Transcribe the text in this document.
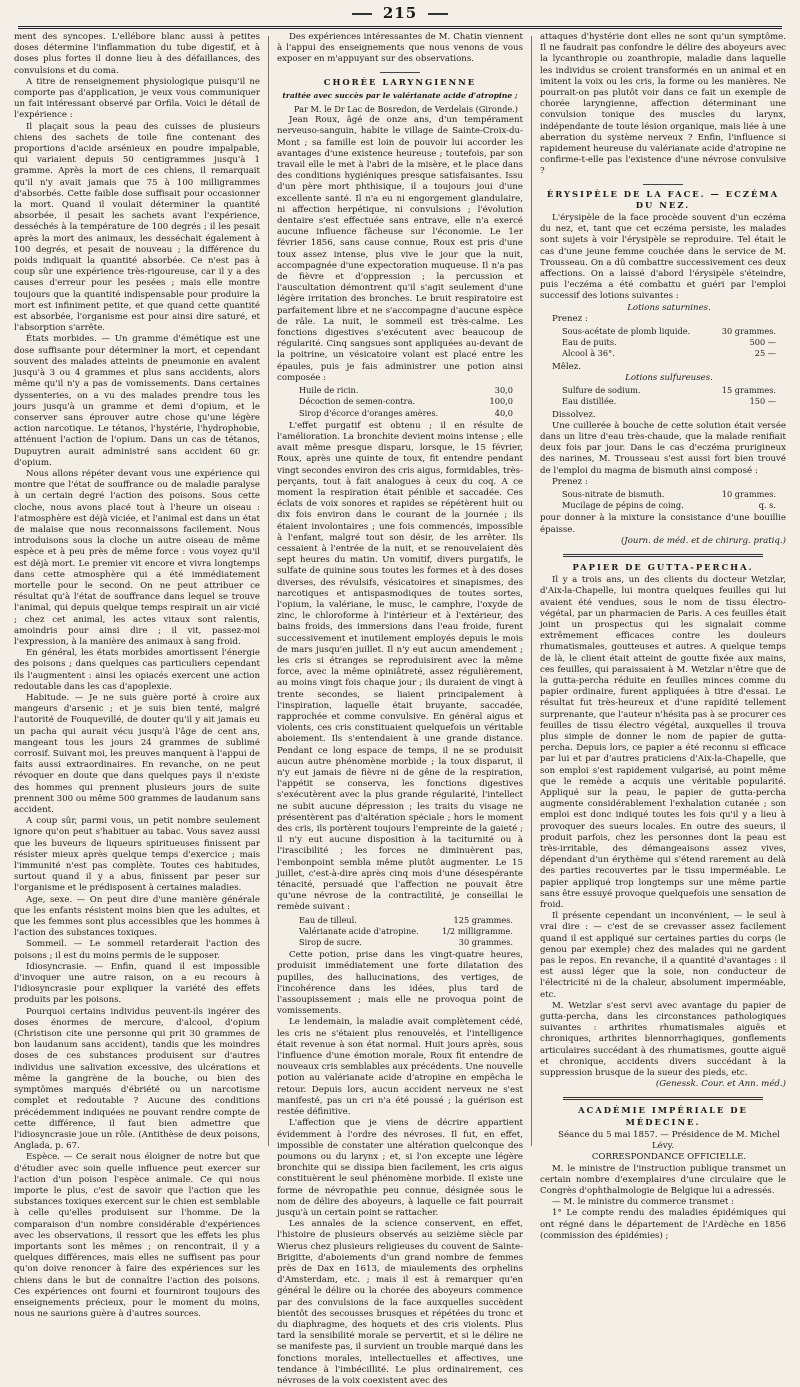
215

ment des syncopes. L'ellébore blanc aussi à petites doses détermine l'inflammation du tube digestif, et à doses plus fortes il donne lieu à des défaillances, des convulsions et du coma.

A titre de renseignement physiologique puisqu'il ne comporte pas d'application, je veux vous communiquer un fait intéressant observé par Orfila. Voici le détail de l'expérience :

Il plaçait sous la peau des cuisses de plusieurs chiens des sachets de toile fine contenant des proportions d'acide arsénieux en poudre impalpable, qui variaient depuis 50 centigrammes jusqu'à 1 gramme. Après la mort de ces chiens, il remarquait qu'il n'y avait jamais que 75 à 100 milligrammes d'absorbés. Cette faible dose suffisait pour occasionner la mort. Quand il voulait déterminer la quantité absorbée, il pesait les sachets avant l'expérience, desséchés à la température de 100 degrés ; il les pesait après la mort des animaux, les desséchait également à 100 degrés, et pesait de nouveau ; la différence du poids indiquait la quantité absorbée. Ce n'est pas à coup sûr une expérience très-rigoureuse, car il y a des causes d'erreur pour les pesées ; mais elle montre toujours que la quantité indispensable pour produire la mort est infiniment petite, et que quand cette quantité est absorbée, l'organisme est pour ainsi dire saturé, et l'absorption s'arrête.

États morbides. — Un gramme d'émétique est une dose suffisante pour déterminer la mort, et cependant souvent des malades atteints de pneumonie en avalent jusqu'à 3 ou 4 grammes et plus sans accidents, alors même qu'il n'y a pas de vomissements. Dans certaines dyssenteries, on a vu des malades prendre tous les jours jusqu'à un gramme et demi d'opium, et le conserver sans éprouver autre chose qu'une légère action narcotique. Le tétanos, l'hystérie, l'hydrophobie, atténuent l'action de l'opium. Dans un cas de tétanos, Dupuytren aurait administré sans accident 60 gr. d'opium.

Nous allons répéter devant vous une expérience qui montre que l'état de souffrance ou de maladie paralyse à un certain degré l'action des poisons. Sous cette cloche, nous avons placé tout à l'heure un oiseau : l'atmosphère est déjà viciée, et l'animal est dans un état de malaise que nous reconnaissons facilement. Nous introduisons sous la cloche un autre oiseau de même espèce et à peu près de même force : vous voyez qu'il est déjà mort. Le premier vit encore et vivra longtemps dans cette atmosphère qui a été immédiatement mortelle pour le second. On ne peut attribuer ce résultat qu'à l'état de souffrance dans lequel se trouve l'animal, qui depuis quelque temps respirait un air vicié ; chez cet animal, les actes vitaux sont ralentis, amoindris pour ainsi dire ; il vit, passez-moi l'expression, à la manière des animaux à sang froid.

En général, les états morbides amortissent l'énergie des poisons ; dans quelques cas particuliers cependant ils l'augmentent : ainsi les opiacés exercent une action redoutable dans les cas d'apoplexie.

Habitude. — Je ne suis guère porté à croire aux mangeurs d'arsenic ; et je suis bien tenté, malgré l'autorité de Fouquevillé, de douter qu'il y ait jamais eu un pacha qui aurait vécu jusqu'à l'âge de cent ans, mangeant tous les jours 24 grammes de sublimé corrosif. Suivant moi, les preuves manquent à l'appui de faits aussi extraordinaires. En revanche, on ne peut révoquer en doute que dans quelques pays il n'existe des hommes qui prennent plusieurs jours de suite prennent 300 ou même 500 grammes de laudanum sans accident.

A coup sûr, parmi vous, un petit nombre seulement ignore qu'on peut s'habituer au tabac. Vous savez aussi que les buveurs de liqueurs spiritueuses finissent par résister mieux après quelque temps d'exercice ; mais l'immunité n'est pas complète. Toutes ces habitudes, surtout quand il y a abus, finissent par peser sur l'organisme et le prédisposent à certaines maladies.

Age, sexe. — On peut dire d'une manière générale que les enfants résistent moins bien que les adultes, et que les femmes sont plus accessibles que les hommes à l'action des substances toxiques.

Sommeil. — Le sommeil retarderait l'action des poisons ; il est du moins permis de le supposer.

Idiosyncrasie. — Enfin, quand il est impossible d'invoquer une autre raison, on a eu recours à l'idiosyncrasie pour expliquer la variété des effets produits par les poisons.

Pourquoi certains individus peuvent-ils ingérer des doses énormes de mercure, d'alcool, d'opium (Christison cite une personne qui prit 30 grammes de bon laudanum sans accident), tandis que les moindres doses de ces substances produisent sur d'autres individus une salivation excessive, des ulcérations et même la gangrène de la bouche, ou bien des symptômes marqués d'ébriété ou un narcotisme complet et redoutable ? Aucune des conditions précédemment indiquées ne pouvant rendre compte de cette différence, il faut bien admettre que l'idiosyncrasie joue un rôle. (Antithèse de deux poisons, Anglada, p. 67.

Espèce. — Ce serait nous éloigner de notre but que d'étudier avec soin quelle influence peut exercer sur l'action d'un poison l'espèce animale. Ce qui nous importe le plus, c'est de savoir que l'action que les substances toxiques exercent sur le chien est semblable à celle qu'elles produisent sur l'homme. De la comparaison d'un nombre considérable d'expériences avec les observations, il ressort que les effets les plus importants sont les mêmes ; on rencontrait, il y a quelques différences, mais elles ne suffisent pas pour qu'on doive renoncer à faire des expériences sur les chiens dans le but de connaître l'action des poisons. Ces expériences ont fourni et fourniront toujours des enseignements précieux, pour le moment du moins, nous ne saurions guère à d'autres sources.

Des expériences intéressantes de M. Chatin viennent à l'appui des enseignements que nous venons de vous exposer en m'appuyant sur des observations.

CHORÉE LARYNGIENNE
traitée avec succès par le valérianate acide d'atropine ;

Par M. le Dr Lac de Bosredon, de Verdelais (Gironde.)

Jean Roux, âgé de onze ans, d'un tempérament nerveuso-sanguin, habite le village de Sainte-Croix-du-Mont ; sa famille est loin de pouvoir lui accorder les avantages d'une existence heureuse ; toutefois, par son travail elle le met à l'abri de la misère, et le place dans des conditions hygiéniques presque satisfaisantes. Issu d'un père mort phthisique, il a toujours joui d'une excellente santé. Il n'a eu ni engorgement glandulaire, ni affection herpétique, ni convulsions ; l'évolution dentaire s'est effectuée sans entrave, elle n'a exercé aucune influence fâcheuse sur l'économie. Le 1er février 1856, sans cause connue, Roux est pris d'une toux assez intense, plus vive le jour que la nuit, accompagnée d'une expectoration muqueuse. Il n'a pas de fièvre et d'oppression ; la percussion et l'auscultation démontrent qu'il s'agit seulement d'une légère irritation des bronches. Le bruit respiratoire est parfaitement libre et ne s'accompagne d'aucune espèce de râle. La nuit, le sommeil est très-calme. Les fonctions digestives s'exécutent avec beaucoup de régularité. Cinq sangsues sont appliquées au-devant de la poitrine, un vésicatoire volant est placé entre les épaules, puis je fais administrer une potion ainsi composée :

Huile de ricin.	30,0
Décoction de semen-contra.	100,0
Sirop d'écorce d'oranges amères.	40,0

L'effet purgatif est obtenu ; il en résulte de l'amélioration. La bronchite devient moins intense ; elle avait même presque disparu, lorsque, le 15 février, Roux, après une quinte de toux, fit entendre pendant vingt secondes environ des cris aigus, formidables, très-perçants, tout à fait analogues à ceux du coq. A ce moment la respiration était pénible et saccadée. Ces éclats de voix sonores et rapides se répétèrent huit ou dix fois environ dans le courant de la journée ; ils étaient involontaires ; une fois commencés, impossible à l'enfant, malgré tout son désir, de les arrêter. Ils cessaient à l'entrée de la nuit, et se renouvelaient dès sept heures du matin. Un vomitif, divers purgatifs, le sulfate de quinine sous toutes les formes et à des doses diverses, des révulsifs, vésicatoires et sinapismes, des narcotiques et antispasmodiques de toutes sortes, l'opium, la valériane, le musc, le camphre, l'oxyde de zinc, le chloroforme à l'intérieur et à l'extérieur, des bains froids, des immersions dans l'eau froide, furent successivement et inutilement employés depuis le mois de mars jusqu'en juillet. Il n'y eut aucun amendement ; les cris si étranges se reproduisirent avec la même force, avec la même opiniâtreté, assez régulièrement, au moins vingt fois chaque jour ; ils duraient de vingt à trente secondes, se liaient principalement à l'inspiration, laquelle était bruyante, saccadée, rapprochée et comme convulsive. En général aigus et violents, ces cris constituaient quelquefois un véritable aboiement. Ils s'entendaient à une grande distance. Pendant ce long espace de temps, il ne se produisit aucun autre phénomène morbide ; la toux disparut, il n'y eut jamais de fièvre ni de gêne de la respiration, l'appétit se conserva, les fonctions digestives s'exécutèrent avec la plus grande régularité, l'intellect ne subit aucune dépression ; les traits du visage ne présentèrent pas d'altération spéciale ; hors le moment des cris, ils portèrent toujours l'empreinte de la gaieté ; il n'y eut aucune disposition à la taciturnité ou à l'irascibilité ; les forces ne diminuèrent pas, l'embonpoint sembla même plutôt augmenter. Le 15 juillet, c'est-à-dire après cinq mois d'une désespérante ténacité, persuadé que l'affection ne pouvait être qu'une névrose de la contractilité, je conseillai le remède suivant :

Eau de tilleul.	125 grammes.
Valérianate acide d'atropine.	1/2 milligramme.
Sirop de sucre.	30 grammes.

Cette potion, prise dans les vingt-quatre heures, produisit immédiatement une forte dilatation des pupilles, des hallucinations, des vertiges, de l'incohérence dans les idées, plus tard de l'assoupissement ; mais elle ne provoqua point de vomissements.

Le lendemain, la maladie avait complètement cédé, les cris ne s'étaient plus renouvelés, et l'intelligence était revenue à son état normal. Huit jours après, sous l'influence d'une émotion morale, Roux fit entendre de nouveaux cris semblables aux précédents. Une nouvelle potion au valérianate acide d'atropine en empêcha le retour. Depuis lors, aucun accident nerveux ne s'est manifesté, pas un cri n'a été poussé ; la guérison est restée définitive.

L'affection que je viens de décrire appartient évidemment à l'ordre des névroses. Il fut, en effet, impossible de constater une altération quelconque des poumons ou du larynx ; et, si l'on excepte une légère bronchite qui se dissipa bien facilement, les cris aigus constituèrent le seul phénomène morbide. Il existe une forme de névropathie peu connue, désignée sous le nom de délire des aboyeurs, à laquelle ce fait pourrait jusqu'à un certain point se rattacher.

Les annales de la science conservent, en effet, l'histoire de plusieurs observés au seizième siècle par Wierus chez plusieurs religieuses du couvent de Sainte-Brigitte, d'aboiements d'un grand nombre de femmes près de Dax en 1613, de miaulements des orphelins d'Amsterdam, etc. ; mais il est à remarquer qu'en général le délire ou la chorée des aboyeurs commence par des convulsions de la face auxquelles succèdent bientôt des secousses brusques et répétées du tronc et du diaphragme, des hoquets et des cris violents. Plus tard la sensibilité morale se pervertit, et si le délire ne se manifeste pas, il survient un trouble marqué dans les fonctions morales, intellectuelles et affectives, une tendance à l'imbécillité. Le plus ordinairement, ces névroses de la voix coexistent avec des

attaques d'hystérie dont elles ne sont qu'un symptôme. Il ne faudrait pas confondre le délire des aboyeurs avec la lycanthropie ou zoanthropie, maladie dans laquelle les individus se croient transformés en un animal et en imitent la voix ou les cris, la forme ou les manières. Ne pourrait-on pas plutôt voir dans ce fait un exemple de chorée laryngienne, affection déterminant une convulsion tonique des muscles du larynx, indépendante de toute lésion organique, mais liée à une aberration du système nerveux ? Enfin, l'influence si rapidement heureuse du valérianate acide d'atropine ne confirme-t-elle pas l'existence d'une névrose convulsive ?

ÉRYSIPÈLE DE LA FACE. — ECZÉMA DU NEZ.

L'érysipèle de la face procède souvent d'un eczéma du nez, et, tant que cet eczéma persiste, les malades sont sujets à voir l'érysipèle se reproduire. Tel était le cas d'une jeune femme couchée dans le service de M. Trousseau. On a dû combattre successivement ces deux affections. On a laissé d'abord l'érysipèle s'éteindre, puis l'eczéma a été combattu et guéri par l'emploi successif des lotions suivantes :

Lotions saturnines.

Prenez :

Sous-acétate de plomb liquide.	30 grammes.
Eau de puits.	500 —
Alcool à 36°.	25 —

Mêlez.

Lotions sulfureuses.

Sulfure de sodium.	15 grammes.
Eau distillée.	150 —

Dissolvez.

Une cuillerée à bouche de cette solution était versée dans un litre d'eau très-chaude, que la malade renifiait deux fois par jour. Dans le cas d'eczéma prurigineux des narines, M. Trousseau s'est aussi fort bien trouvé de l'emploi du magma de bismuth ainsi composé :

Prenez :

Sous-nitrate de bismuth.	10 grammes.
Mucilage de pépins de coing.	q. s.

pour donner à la mixture la consistance d'une bouillie épaisse.

(Journ. de méd. et de chirurg. pratiq.)

PAPIER DE GUTTA-PERCHA.

Il y a trois ans, un des clients du docteur Wetzlar, d'Aix-la-Chapelle, lui montra quelques feuilles qui lui avaient été vendues, sous le nom de tissu électro-végétal, par un pharmacien de Paris. A ces feuilles était joint un prospectus qui les signalait comme extrêmement efficaces contre les douleurs rhumatismales, goutteuses et autres. A quelque temps de là, le client était atteint de goutte fixée aux mains, ces feuilles, qui paraissaient à M. Wetzlar n'être que de la gutta-percha réduite en feuilles minces comme du papier ordinaire, furent appliquées à titre d'essai. Le résultat fut très-heureux et d'une rapidité tellement surprenante, que l'auteur n'hésita pas à se procurer ces feuilles de tissu électro végétal, auxquelles il trouva plus simple de donner le nom de papier de gutta-percha. Depuis lors, ce papier a été reconnu si efficace par lui et par d'autres praticiens d'Aix-la-Chapelle, que son emploi s'est rapidement vulgarisé, au point même que le remède a acquis une véritable popularité. Appliqué sur la peau, le papier de gutta-percha augmente considérablement l'exhalation cutanée ; son emploi est donc indiqué toutes les fois qu'il y a lieu à provoquer des sueurs locales. En outre des sueurs, il produit parfois, chez les personnes dont la peau est très-irritable, des démangeaisons assez vives, dépendant d'un érythème qui s'étend rarement au delà des parties recouvertes par le tissu imperméable. Le papier appliqué trop longtemps sur une même partie sans être essuyé provoque quelquefois une sensation de froid.

Il présente cependant un inconvénient, — le seul à vrai dire : — c'est de se crevasser assez facilement quand il est appliqué sur certaines parties du corps (le genou par exemple) chez des malades qui ne gardent pas le repos. En revanche, il a quantité d'avantages : il est aussi léger que la soie, non conducteur de l'électricité ni de la chaleur, absolument imperméable, etc.

M. Wetzlar s'est servi avec avantage du papier de gutta-percha, dans les circonstances pathologiques suivantes : arthrites rhumatismales aiguës et chroniques, arthrites blennorrhagiques, gonflements articulaires succédant à des rhumatismes, goutte aiguë et chronique, accidents divers succédant à la suppression brusque de la sueur des pieds, etc.

(Genessk. Cour. et Ann. méd.)

ACADÉMIE IMPÉRIALE DE MÉDECINE.

Séance du 5 mai 1857. — Présidence de M. Michel Lévy.

CORRESPONDANCE OFFICIELLE.

M. le ministre de l'instruction publique transmet un certain nombre d'exemplaires d'une circulaire que le Congrès d'ophthalmologie de Belgique lui a adressés.

— M. le ministre du commerce transmet :

1° Le compte rendu des maladies épidémiques qui ont régné dans le département de l'Ardèche en 1856 (commission des épidémies) ;
